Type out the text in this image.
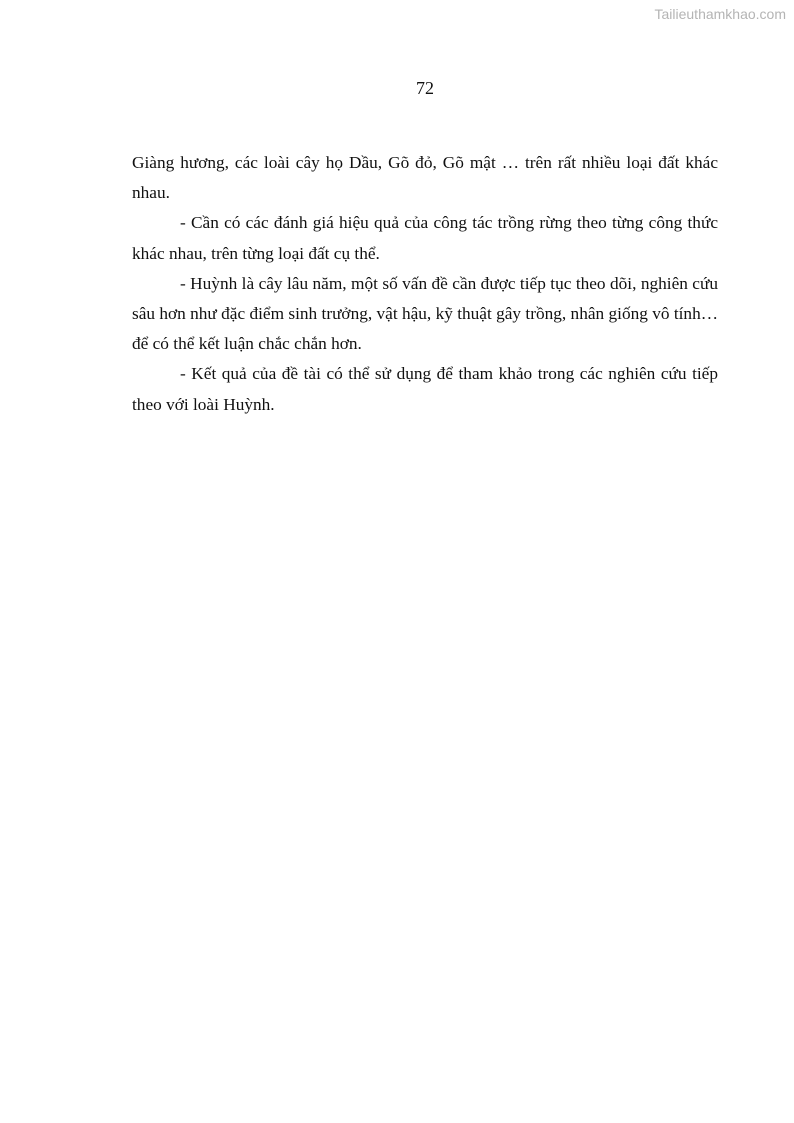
Tailieuthamkhao.com
72

Giàng hương, các loài cây họ Dầu, Gõ đỏ, Gõ mật … trên rất nhiều loại đất khác nhau.

- Cần có các đánh giá hiệu quả của công tác trồng rừng theo từng công thức khác nhau, trên từng loại đất cụ thể.

- Huỳnh là cây lâu năm, một số vấn đề cần được tiếp tục theo dõi, nghiên cứu sâu hơn như đặc điểm sinh trưởng, vật hậu, kỹ thuật gây trồng, nhân giống vô tính… để có thể kết luận chắc chắn hơn.

- Kết quả của đề tài có thể sử dụng để tham khảo trong các nghiên cứu tiếp theo với loài Huỳnh.
